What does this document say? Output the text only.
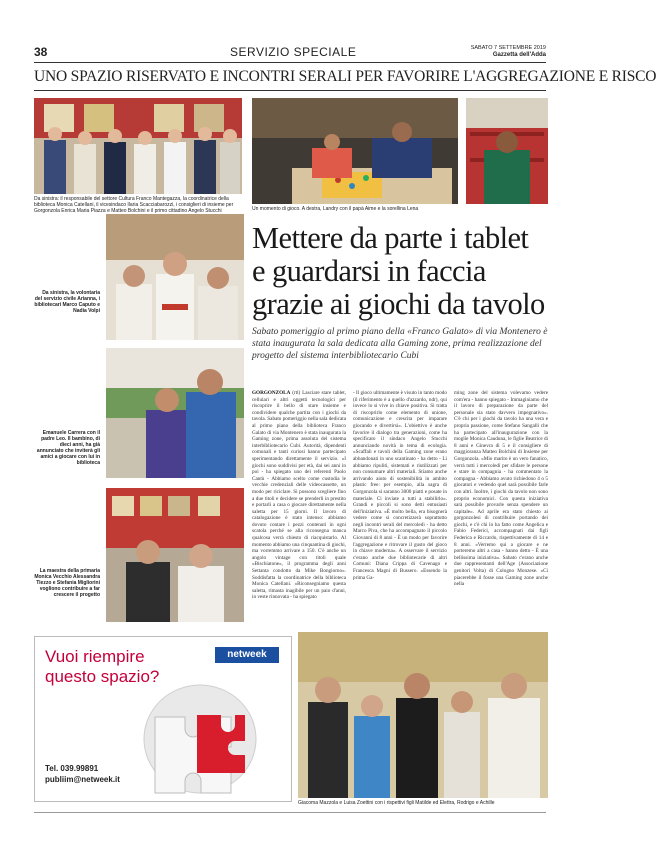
38	SERVIZIO SPECIALE	SABATO 7 SETTEMBRE 2019
Gazzetta dell'Adda
UNO SPAZIO RISERVATO E INCONTRI SERALI PER FAVORIRE L'AGGREGAZIONE E RISCO
Da sinistra: il responsabile del settore Cultura Franco Mantegazza, la coordinatrice della biblioteca Monica Catellani, il vicesindaco Ilaria Scacciabarozzi, i consiglieri di insieme per Gorgonzola Enrica Maria Piazza e Matteo Bolchini e il primo cittadino Angelo Stucchi	Un momento di gioco. A destra, Landry con il papà Aime e la sorellina Lena
Da sinistra, la volontaria del servizio civile Arianna, i bibliotecari Marco Caputo e Nadia Volpi
Emanuele Carrera con il padre Leo. Il bambino, di dieci anni, ha già annunciato che inviterà gli amici a giocare con lui in biblioteca
La maestra della primaria Monica Vecchio Alessandra Tiezzo e Stefania Migliorini vogliono contribuire a far crescere il progetto
Mettere da parte i tablet e guardarsi in faccia grazie ai giochi da tavolo
Sabato pomeriggio al primo piano della «Franco Galato» di via Montenero è stata inaugurata la sala dedicata alla Gaming zone, prima realizzazione del progetto del sistema interbibliotecario Cubi
GORGONZOLA (rtl) Lasciare stare tablet, cellulari e altri oggetti tecnologici per riscoprire il bello di stare insieme e condividere qualche partita con i giochi da tavola. Sabato pomeriggio nella sala dedicata al primo piano della biblioteca Franco Galato di via Montenero è stata inaugurata la Gaming zone, prima assoluta del sistema interbibliotecario Cubi. Autorità, dipendenti comunali e tanti curiosi hanno partecipato sperimentando direttamente il servizio. «I giochi sono suddivisi per età, dai sei anni in poi - ha spiegato uno dei referenti Paolo Cantù - Abbiamo scelto come custodia le vecchie credenziali delle videocassette, un modo per riciclare. Si possono scegliere fino a due titoli e decidere se prenderli in prestito e portarli a casa o giocare direttamente nella saletta per 15 giorni. Il lavoro di catalogazione è stato intenso: abbiamo dovuto contare i pezzi contenuti in ogni scatola perché se alla riconsegna manca qualcosa verrà chiesto di riacquistarlo. Al momento abbiamo una cinquantina di giochi, ma vorremmo arrivare a 150. C'è anche un angolo vintage con titoli quale «Bischiatone», il programma degli anni Settanta condotto da Mike Bongiorno». Soddisfatta la coordinatrice della biblioteca Monica Catellani. «Riconsegniamo questa saletta, rimasta inagibile per un paio d'anni, in veste rinnovata - ha spiegato
- Il gioco ultimamente è visuto in tanto modo (il riferimento è a quello d'azzardo, ndr), qui invece lo si vive in chiave positiva. Si tratta di riscoprirlo come elemento di unione, comunicazione e crescita per imparare giocando e divertirsi». L'obiettivo è anche favorire il dialogo tra generazioni, come ha specificato il sindaco Angelo Stucchi annunciando novità in tema di ecologia. «Scaffali e tavoli della Gaming zone erano abbandonati in uno scantinato - ha detto - Li abbiamo ripuliti, sistemati e riutilizzati per non consumare altri materiali. Stiamo anche arrivando aiuto di sostenibilità in ambito plastic free: per esempio, alla sagra di Gorgonzola si saranno 3000 piatti e posate in materiale. Ci inviate a tutti a stabilirlo». Grandi e piccoli si sono detti entusiasti dell'iniziativa. «È molto bella, era bisognerà vedere come si concretizzerà soprattutto negli incontri serali del mercoledì - ha detto Marco Piva, che ha accompagnato il piccolo Giovanni di 8 anni - È un modo per favorire l'aggregazione e ritrovare il gusto del gioco in chiave moderna». A osservare il servizio c'erano anche due bibliotecarie di altri Comuni: Diana Crippa di Cavenago e Francesca Magni di Bussero. «Essendo la prima Ga-
ming zone del sistema volevamo vedere com'era - hanno spiegato - Immaginiamo che il lavoro di preparazione da parte del personale sia stato davvero impegnativo». C'è chi per i giochi da tavolo ha una vera e propria passione, come Stefano Sangalli che ha partecipato all'inaugurazione con la moglie Monica Cauduna, le figlie Beatrice di 8 anni e Ginevra di 5 e il consigliere di maggioranza Matteo Bolchini di Insieme per Gorgonzola. «Mio marito è un vero fanatico, verrà tutti i mercoledì per sfidare le persone e stare in compagnia - ha commentato la compagna - Abbiamo avuto richiedono 4 o 5 giocatori e vedendo quel sarà possibile farle con altri. Inoltre, i giochi da tavolo non sono proprio economici. Con questa iniziativa sarà possibile provarle senza spendere un capitale». Ad aprile era stato chiesto ai gorgonzolesi di contribuire portando dei giochi, e c'è chi lo ha fatto come Angelica e Fabio Federici, accompagnati dai figli Federica e Riccardo, rispettivamente di 14 e 8 anni. «Verremo qui a giocare e ne porteremo altri a casa - hanno detto - È una bellissima iniziativa». Sabato c'erano anche due rappresentanti dell'Age (Associazione genitori Volta) di Cologno Monzese. «Ci piacerebbe il fosse una Gaming zone anche nella
Vuoi riempire
questo spazio?
netweek
Tel. 039.99891
publiim@netweek.it
Giacoma Mazzola e Luisa Zoettini con i rispettivi figli Matilde ed Elettra, Rodrigo e Achille
